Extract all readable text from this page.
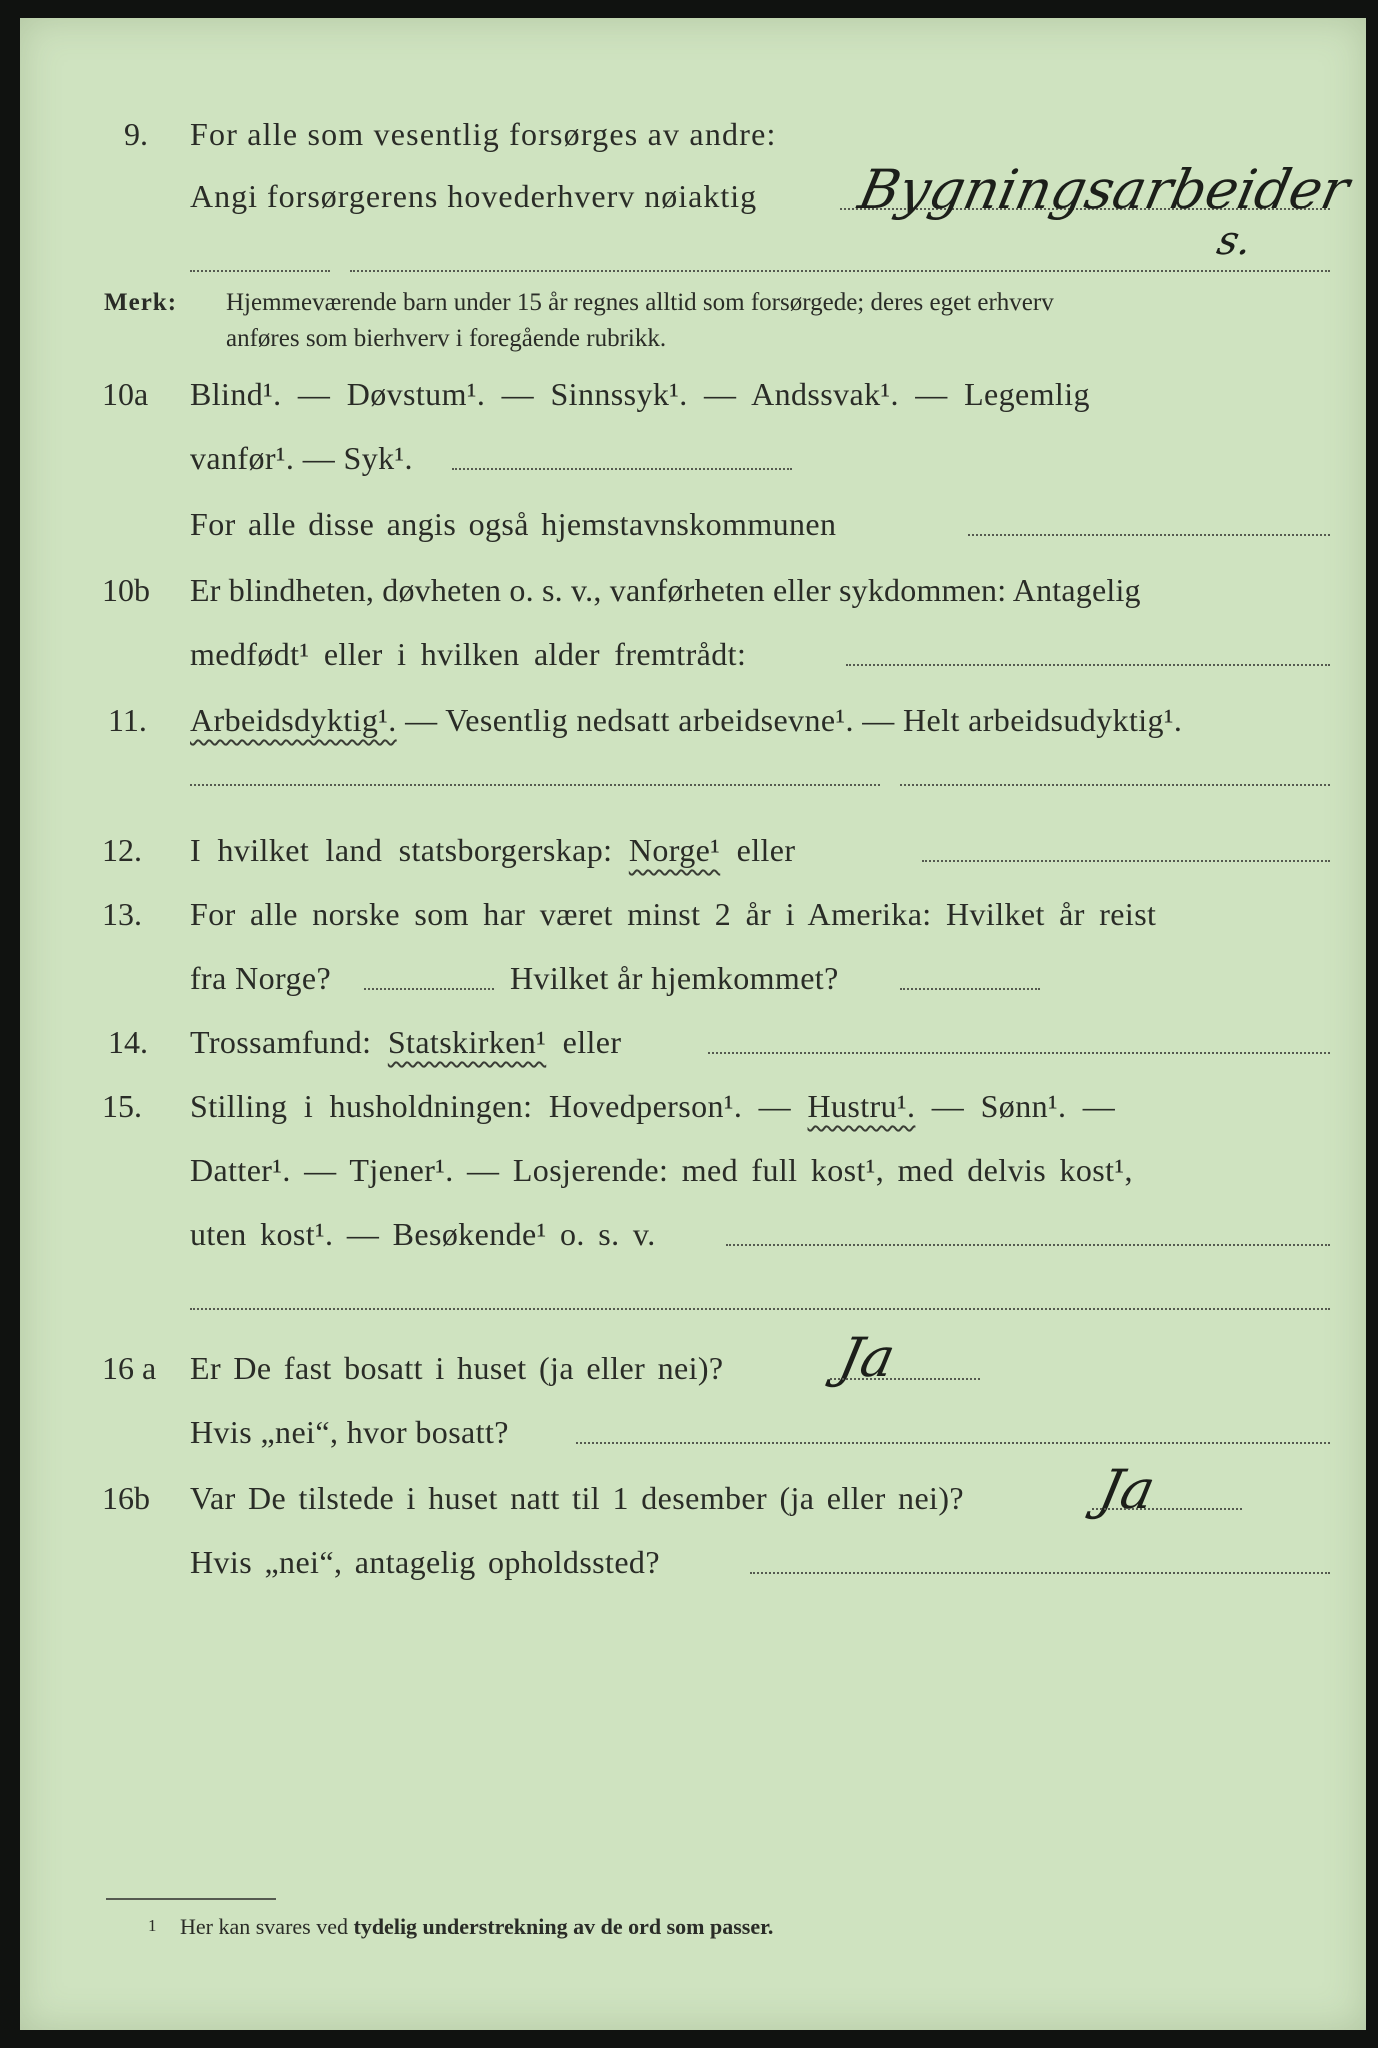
9. For alle som vesentlig forsørges av andre:
Angi forsørgerens hovederhverv nøiaktig Bygningsarbeider
s.
Merk: Hjemmeværende barn under 15 år regnes alltid som forsørgede; deres eget erhverv
anføres som bierhverv i foregående rubrikk.
10a Blind¹. — Døvstum¹. — Sinnssyk¹. — Andssvak¹. — Legemlig
vanfør¹. — Syk¹.
For alle disse angis også hjemstavnskommunen
10b Er blindheten, døvheten o. s. v., vanførheten eller sykdommen: Antagelig
medfødt¹ eller i hvilken alder fremtrådt:
11. Arbeidsdyktig¹. — Vesentlig nedsatt arbeidsevne¹. — Helt arbeidsudyktig¹.
12. I hvilket land statsborgerskap: Norge¹ eller
13. For alle norske som har været minst 2 år i Amerika: Hvilket år reist
fra Norge?	Hvilket år hjemkommet?
14. Trossamfund: Statskirken¹ eller
15. Stilling i husholdningen: Hovedperson¹. — Hustru¹. — Sønn¹. —
Datter¹. — Tjener¹. — Losjerende: med full kost¹, med delvis kost¹,
uten kost¹. — Besøkende¹ o. s. v.
16 a Er De fast bosatt i huset (ja eller nei)? Ja
Hvis „nei“, hvor bosatt?
16b Var De tilstede i huset natt til 1 desember (ja eller nei)? Ja
Hvis „nei“, antagelig opholdssted?
1 Her kan svares ved tydelig understrekning av de ord som passer.
